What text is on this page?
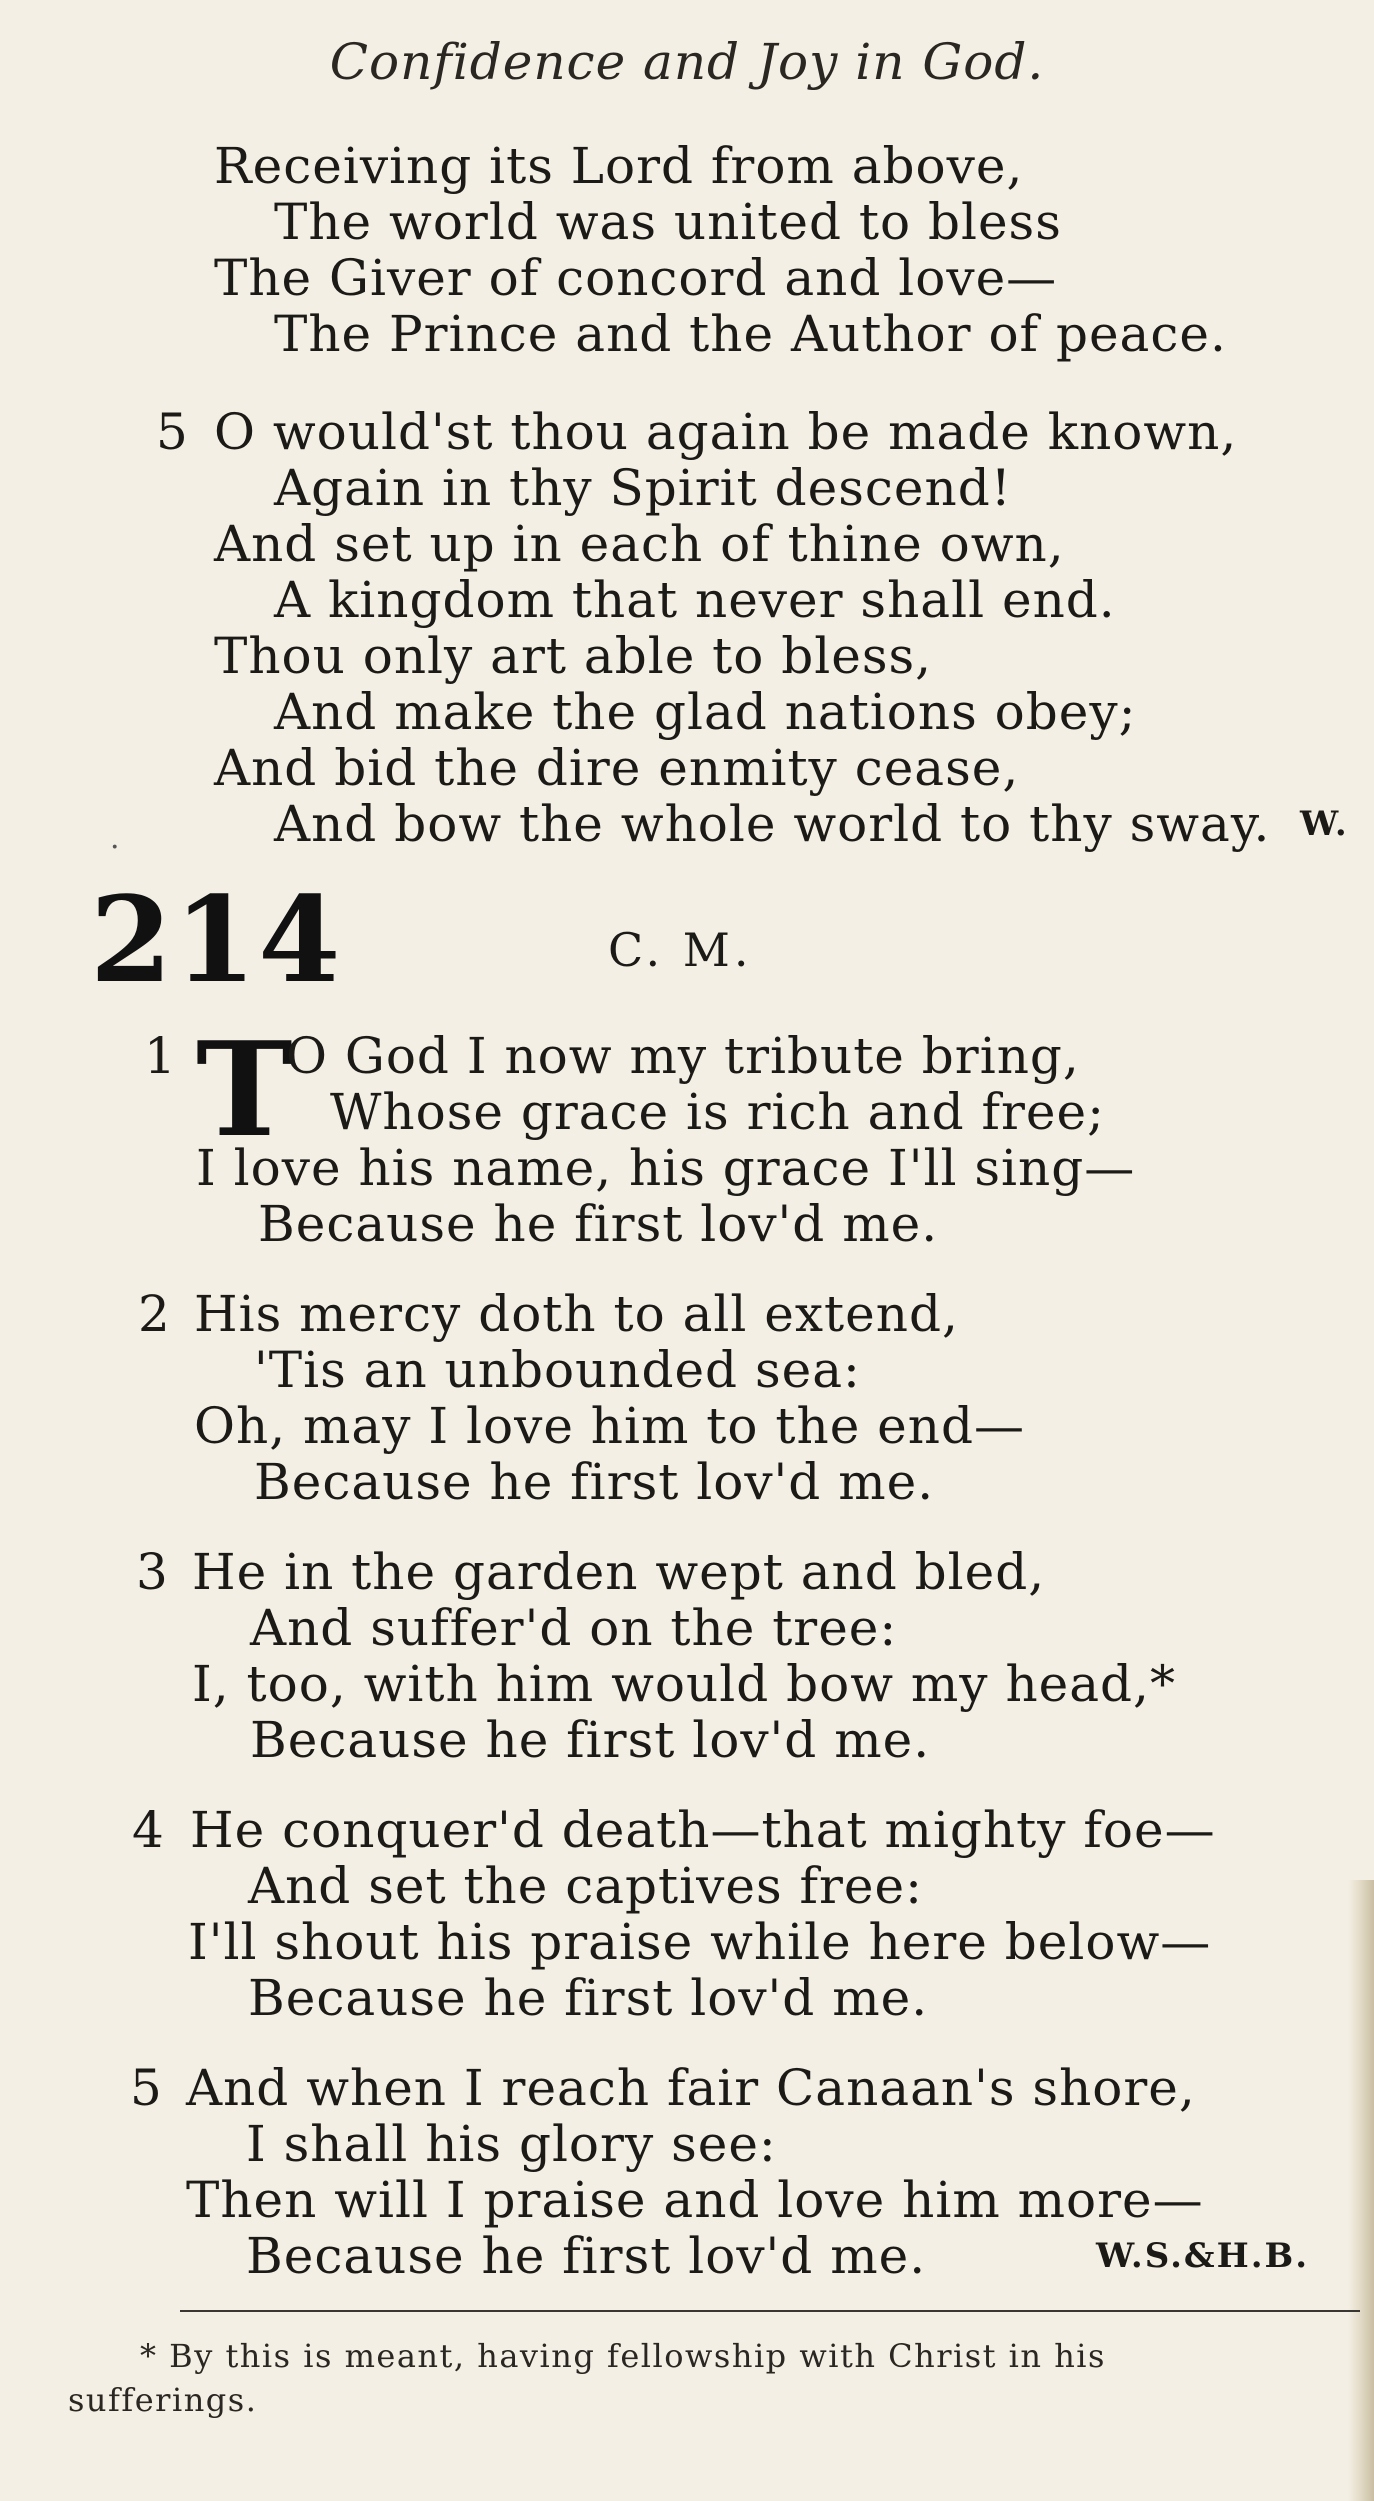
Confidence and Joy in God.
Receiving its Lord from above,
The world was united to bless
The Giver of concord and love—
The Prince and the Author of peace.
5 O would'st thou again be made known,
Again in thy Spirit descend!
And set up in each of thine own,
A kingdom that never shall end.
Thou only art able to bless,
And make the glad nations obey;
And bid the dire enmity cease,
And bow the whole world to thy sway. W.
·
214	C. M.
1 T
O God I now my tribute bring,
Whose grace is rich and free;
I love his name, his grace I'll sing—
Because he first lov'd me.
2 His mercy doth to all extend,
'Tis an unbounded sea:
Oh, may I love him to the end—
Because he first lov'd me.
3 He in the garden wept and bled,
And suffer'd on the tree:
I, too, with him would bow my head,*
Because he first lov'd me.
4 He conquer'd death—that mighty foe—
And set the captives free:
I'll shout his praise while here below—
Because he first lov'd me.
5 And when I reach fair Canaan's shore,
I shall his glory see:
Then will I praise and love him more—
Because he first lov'd me.	W.S.&H.B.
* By this is meant, having fellowship with Christ in his
sufferings.
